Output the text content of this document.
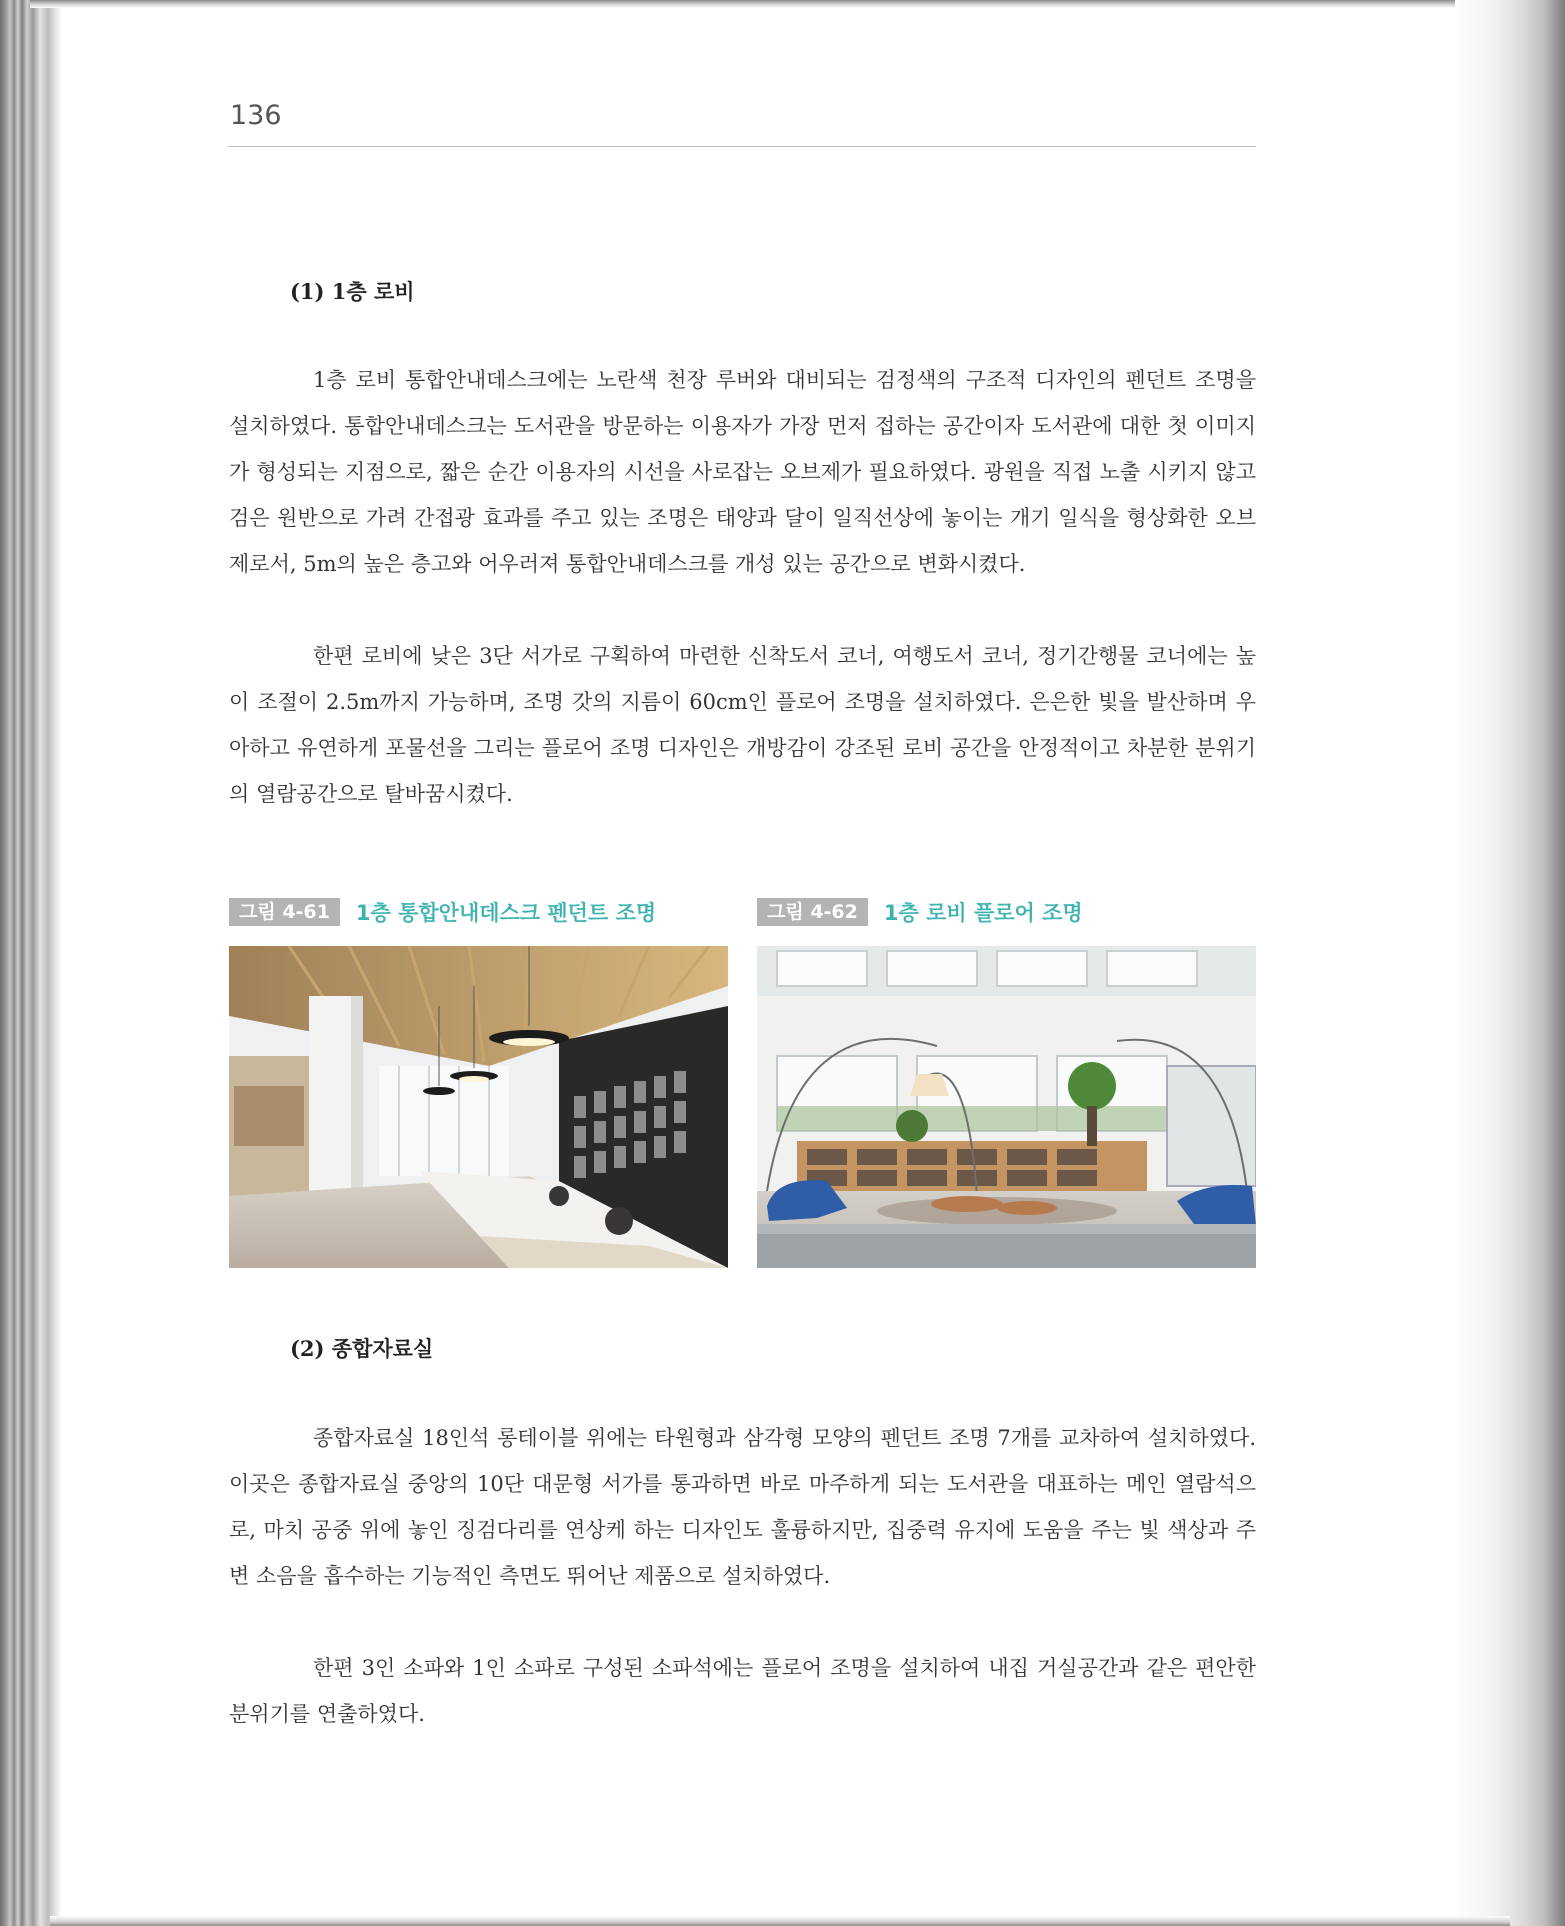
136
(1) 1층 로비

1층 로비 통합안내데스크에는 노란색 천장 루버와 대비되는 검정색의 구조적 디자인의 펜던트 조명을 설치하였다. 통합안내데스크는 도서관을 방문하는 이용자가 가장 먼저 접하는 공간이자 도서관에 대한 첫 이미지가 형성되는 지점으로, 짧은 순간 이용자의 시선을 사로잡는 오브제가 필요하였다. 광원을 직접 노출 시키지 않고 검은 원반으로 가려 간접광 효과를 주고 있는 조명은 태양과 달이 일직선상에 놓이는 개기 일식을 형상화한 오브제로서, 5m의 높은 층고와 어우러져 통합안내데스크를 개성 있는 공간으로 변화시켰다.

한편 로비에 낮은 3단 서가로 구획하여 마련한 신착도서 코너, 여행도서 코너, 정기간행물 코너에는 높이 조절이 2.5m까지 가능하며, 조명 갓의 지름이 60cm인 플로어 조명을 설치하였다. 은은한 빛을 발산하며 우아하고 유연하게 포물선을 그리는 플로어 조명 디자인은 개방감이 강조된 로비 공간을 안정적이고 차분한 분위기의 열람공간으로 탈바꿈시켰다.

그림 4-61	1층 통합안내데스크 펜던트 조명	그림 4-62	1층 로비 플로어 조명
(2) 종합자료실

종합자료실 18인석 롱테이블 위에는 타원형과 삼각형 모양의 펜던트 조명 7개를 교차하여 설치하였다. 이곳은 종합자료실 중앙의 10단 대문형 서가를 통과하면 바로 마주하게 되는 도서관을 대표하는 메인 열람석으로, 마치 공중 위에 놓인 징검다리를 연상케 하는 디자인도 훌륭하지만, 집중력 유지에 도움을 주는 빛 색상과 주변 소음을 흡수하는 기능적인 측면도 뛰어난 제품으로 설치하였다.

한편 3인 소파와 1인 소파로 구성된 소파석에는 플로어 조명을 설치하여 내집 거실공간과 같은 편안한 분위기를 연출하였다.
